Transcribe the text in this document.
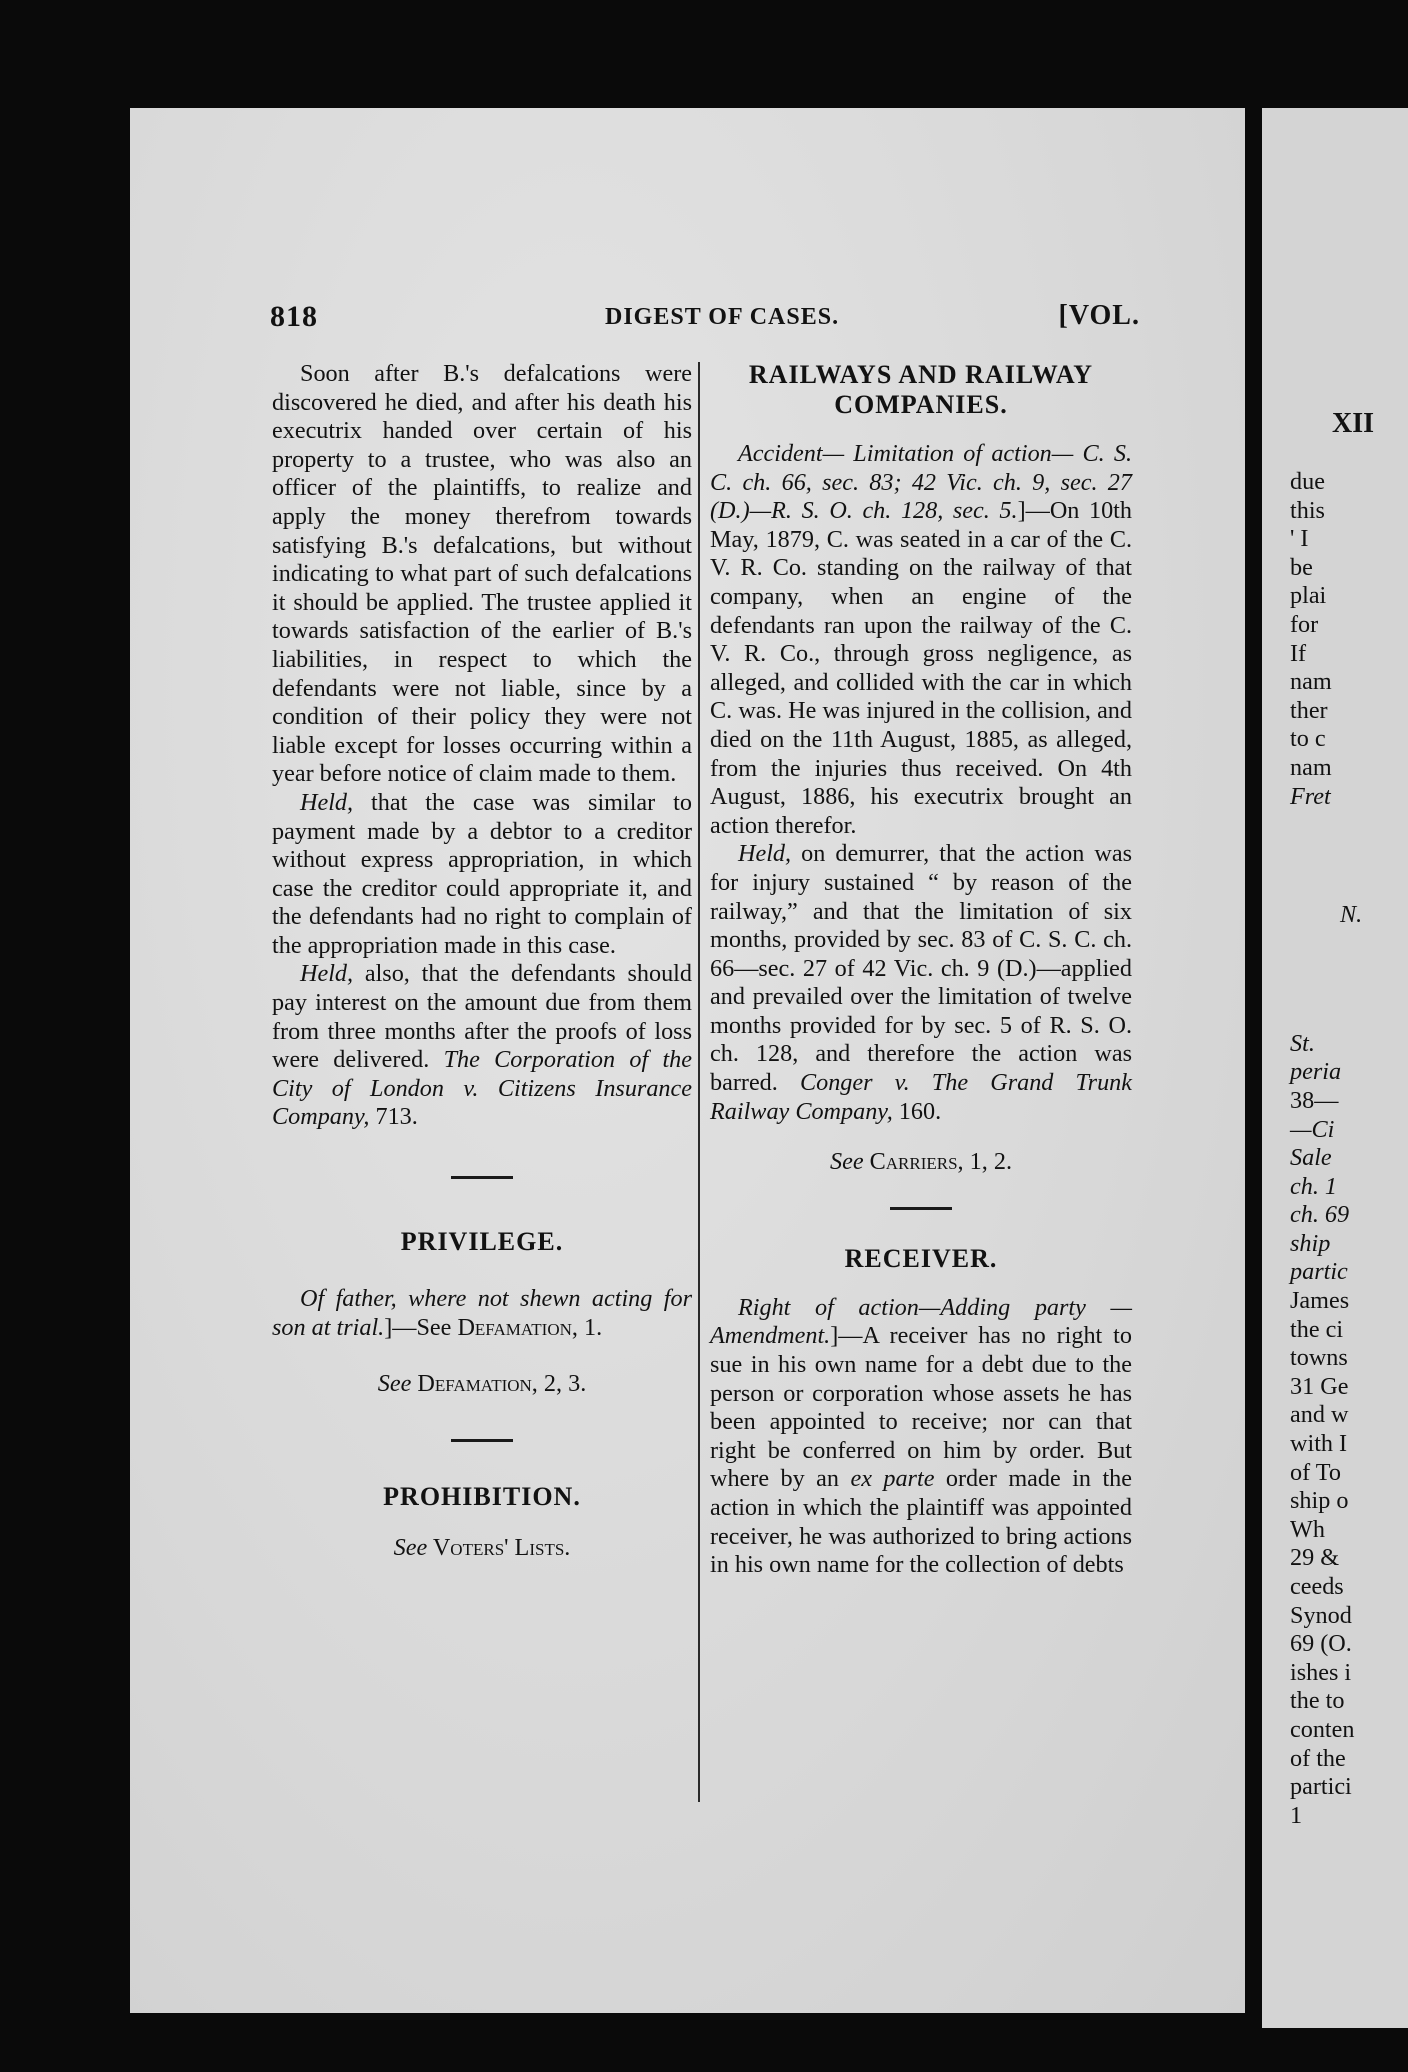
818	DIGEST OF CASES.	[VOL.

Soon after B.'s defalcations were discovered he died, and after his death his executrix handed over certain of his property to a trustee, who was also an officer of the plaintiffs, to realize and apply the money therefrom towards satisfying B.'s defalcations, but without indicating to what part of such defalcations it should be applied. The trustee applied it towards satisfaction of the earlier of B.'s liabilities, in respect to which the defendants were not liable, since by a condition of their policy they were not liable except for losses occurring within a year before notice of claim made to them.

Held, that the case was similar to payment made by a debtor to a creditor without express appropriation, in which case the creditor could appropriate it, and the defendants had no right to complain of the appropriation made in this case.

Held, also, that the defendants should pay interest on the amount due from them from three months after the proofs of loss were delivered. The Corporation of the City of London v. Citizens Insurance Company, 713.

PRIVILEGE.

Of father, where not shewn acting for son at trial.]—See Defamation, 1.

See Defamation, 2, 3.

PROHIBITION.

See Voters' Lists.

RAILWAYS AND RAILWAY COMPANIES.

Accident— Limitation of action— C. S. C. ch. 66, sec. 83; 42 Vic. ch. 9, sec. 27 (D.)—R. S. O. ch. 128, sec. 5.]—On 10th May, 1879, C. was seated in a car of the C. V. R. Co. standing on the railway of that company, when an engine of the defendants ran upon the railway of the C. V. R. Co., through gross negligence, as alleged, and collided with the car in which C. was. He was injured in the collision, and died on the 11th August, 1885, as alleged, from the injuries thus received. On 4th August, 1886, his executrix brought an action therefor.

Held, on demurrer, that the action was for injury sustained “ by reason of the railway,” and that the limitation of six months, provided by sec. 83 of C. S. C. ch. 66—sec. 27 of 42 Vic. ch. 9 (D.)—applied and prevailed over the limitation of twelve months provided for by sec. 5 of R. S. O. ch. 128, and therefore the action was barred. Conger v. The Grand Trunk Railway Company, 160.

See Carriers, 1, 2.

RECEIVER.

Right of action—Adding party —Amendment.]—A receiver has no right to sue in his own name for a debt due to the person or corporation whose assets he has been appointed to receive; nor can that right be conferred on him by order. But where by an ex parte order made in the action in which the plaintiff was appointed receiver, he was authorized to bring actions in his own name for the collection of debts

XII

due

this

' I

be

plai

for

If

nam

ther

to c

nam

Fret

N.

St.

peria

38—

—Ci

Sale

ch. 1

ch. 69

ship

partic

James

the ci

towns

31 Ge

and w

with I

of To

ship o

Wh

29 &

ceeds

Synod

69 (O.

ishes i

the to

conten

of the

partici

1
